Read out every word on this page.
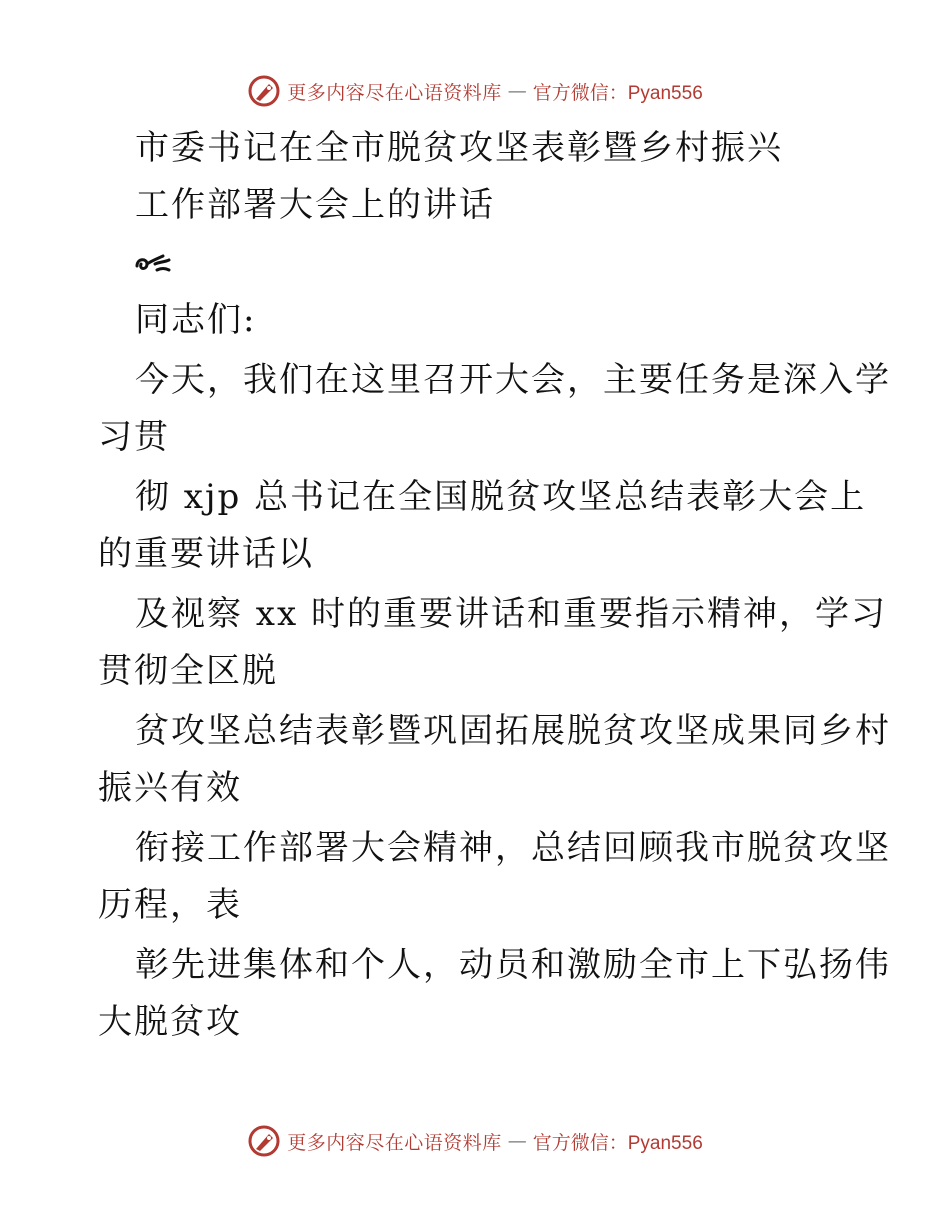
更多内容尽在心语资料库 — 官方微信：Pyan556
市委书记在全市脱贫攻坚表彰暨乡村振兴
工作部署大会上的讲话
同志们:
今天，我们在这里召开大会，主要任务是深入学
习贯
彻 xjp 总书记在全国脱贫攻坚总结表彰大会上
的重要讲话以
及视察 xx 时的重要讲话和重要指示精神，学习
贯彻全区脱
贫攻坚总结表彰暨巩固拓展脱贫攻坚成果同乡村
振兴有效
衔接工作部署大会精神，总结回顾我市脱贫攻坚
历程，表
彰先进集体和个人，动员和激励全市上下弘扬伟
大脱贫攻
更多内容尽在心语资料库 — 官方微信：Pyan556
